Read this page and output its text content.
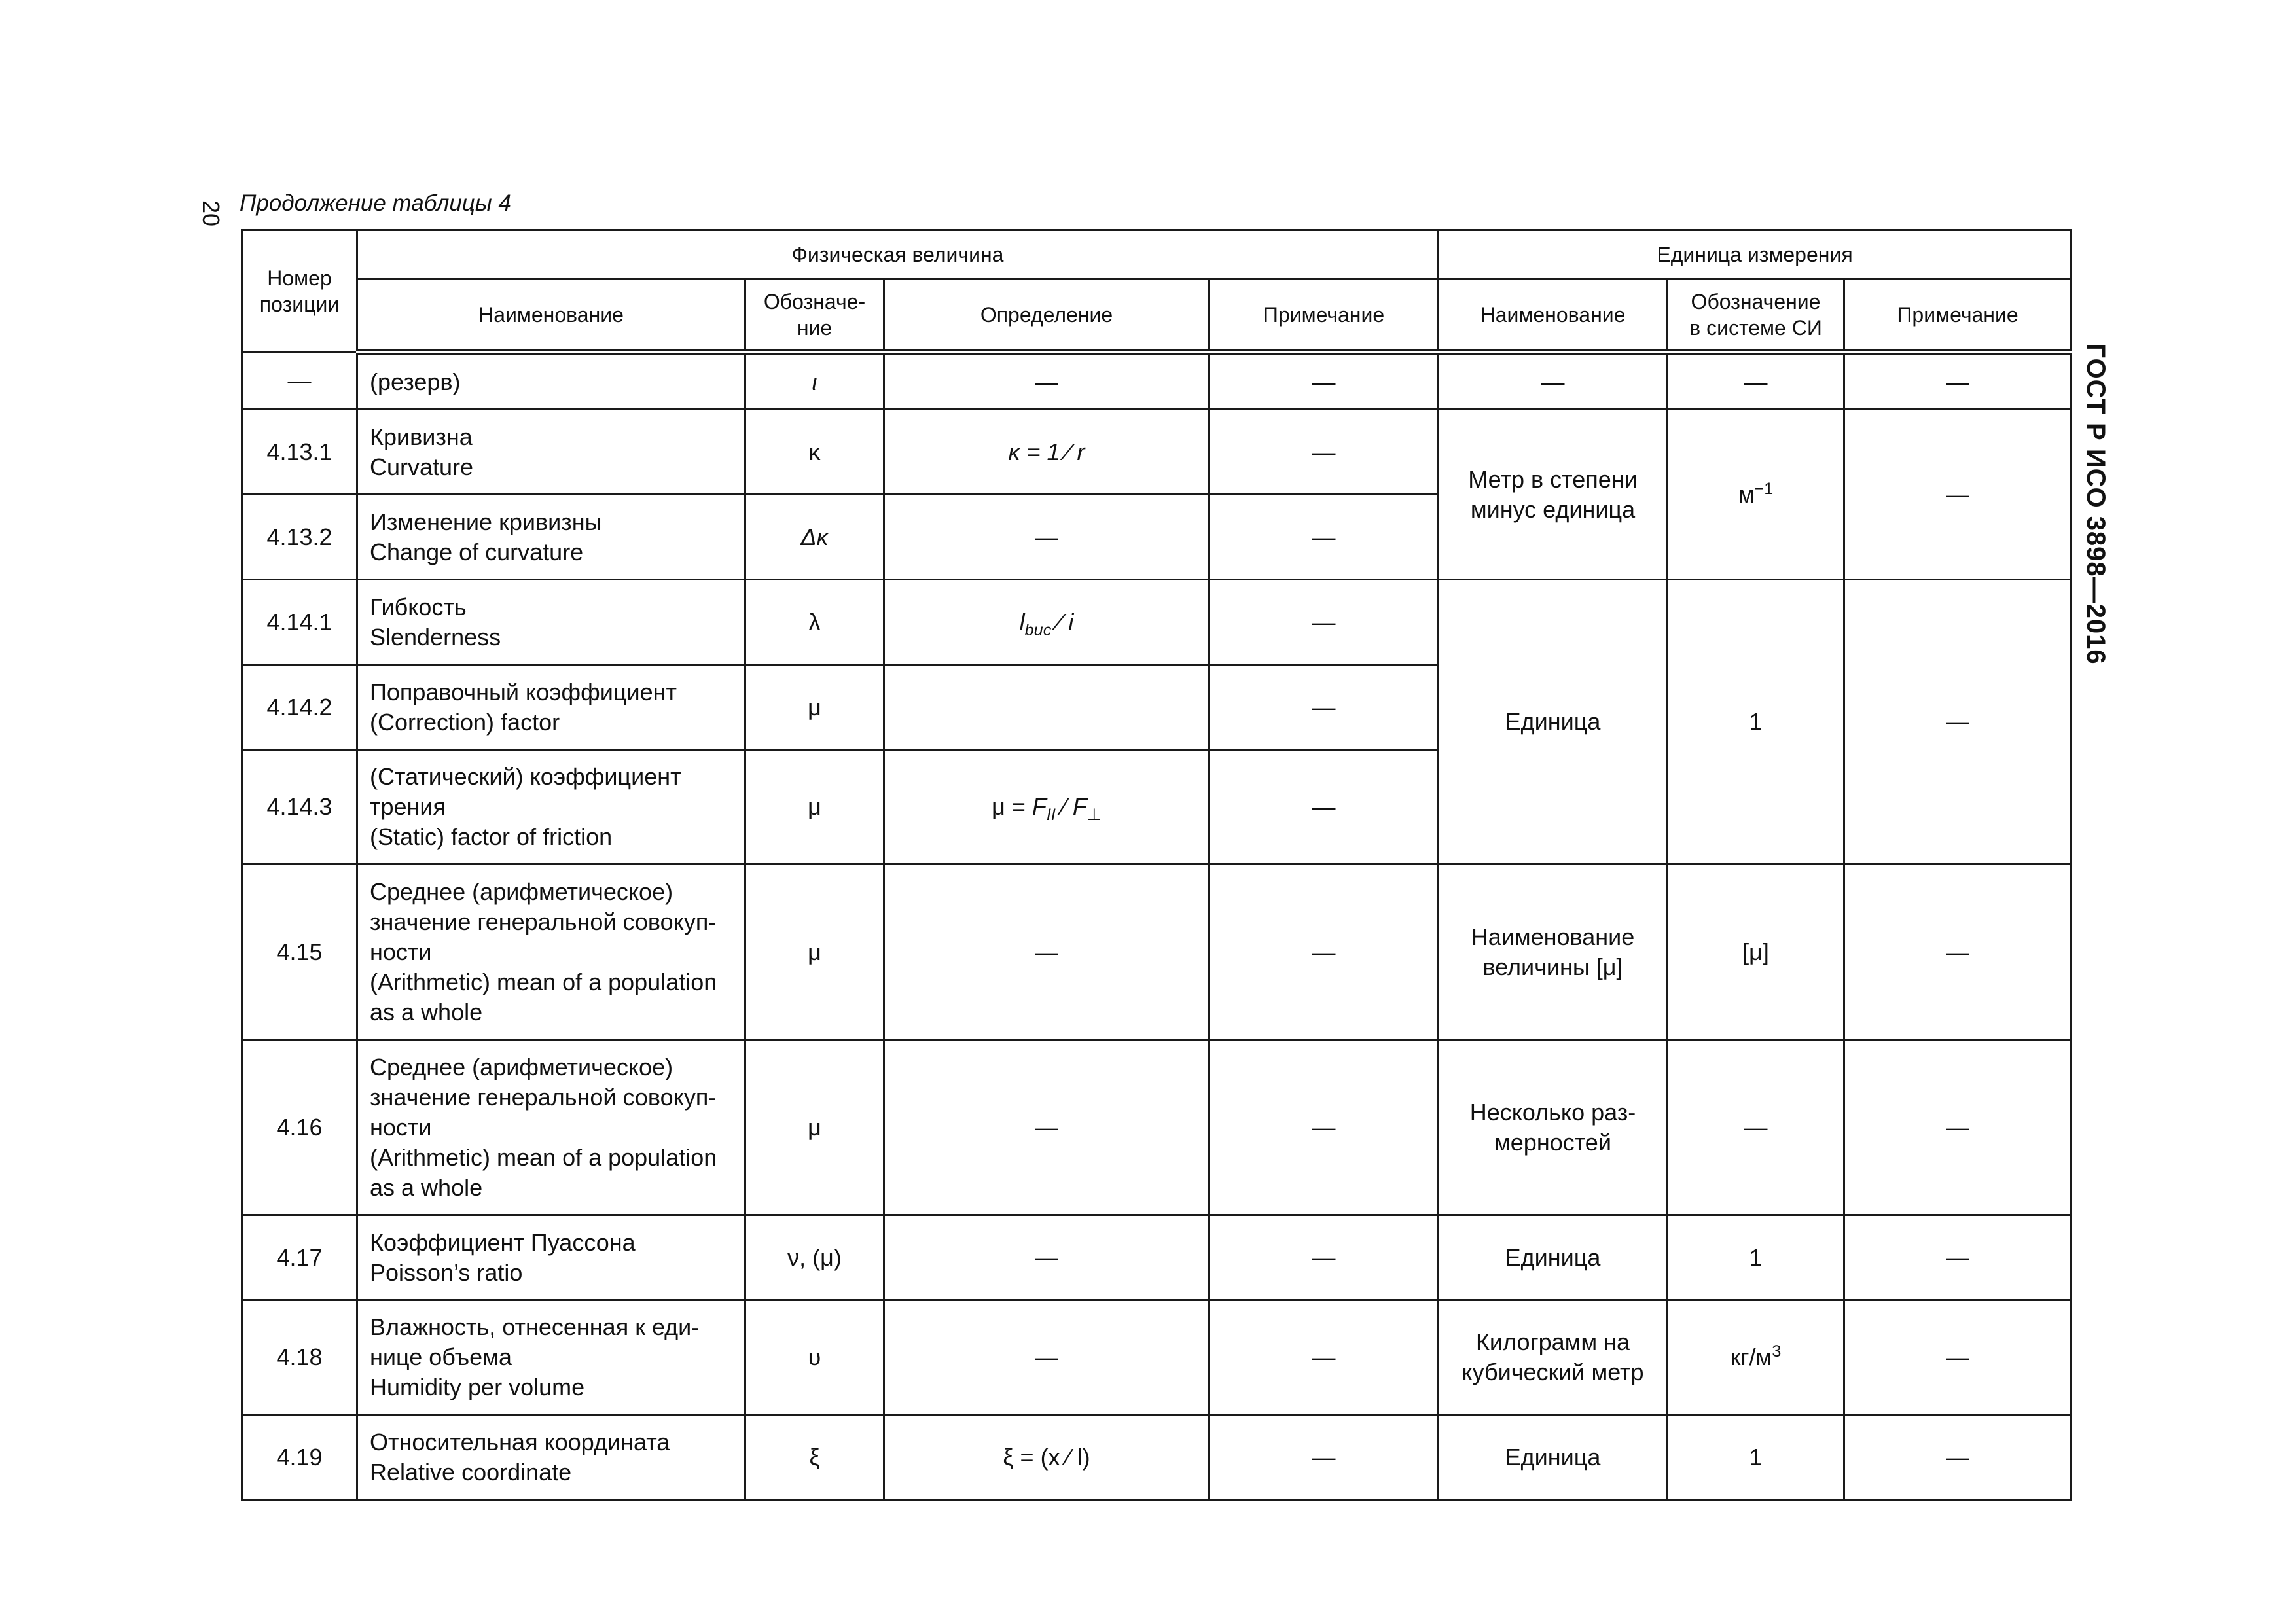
20
ГОСТ Р ИСО 3898—2016
Продолжение таблицы 4
Номер
позиции	Физическая величина				Единица измерения		
	Наименование	Обозначе-
ние	Определение	Примечание	Наименование	Обозначение
в системе СИ	Примечание
—	(резерв)	ι	—	—	—	—	—
4.13.1	Кривизна
Curvature	κ	κ = 1 ⁄ r	—	Метр в степени
минус единица	$м^{-1}$	—
4.13.2	Изменение кривизны
Change of curvature	Δκ	—	—			
4.14.1	Гибкость
Slenderness	λ	$l_{buc}$ ⁄ i	—	Единица	1	—
4.14.2	Поправочный коэффициент
(Correction) factor	μ		—			
4.14.3	(Статический) коэффициент
трения
(Static) factor of friction	μ	$\mu = F_{II}$ ⁄ $F_\perp$	—			
4.15	Среднее (арифметическое)
значение генеральной совокуп-
ности
(Arithmetic) mean of a population
as a whole	μ	—	—	Наименование
величины [μ]	[μ]	—
4.16	Среднее (арифметическое)
значение генеральной совокуп-
ности
(Arithmetic) mean of a population
as a whole	μ	—	—	Несколько раз-
мерностей	—	—
4.17	Коэффициент Пуассона
Poisson’s ratio	ν, (μ)	—	—	Единица	1	—
4.18	Влажность, отнесенная к еди-
нице объема
Humidity per volume	υ	—	—	Килограмм на
кубический метр	$кг/м^3$	—
4.19	Относительная координата
Relative coordinate	ξ	ξ = (x ⁄ l)	—	Единица	1	—
